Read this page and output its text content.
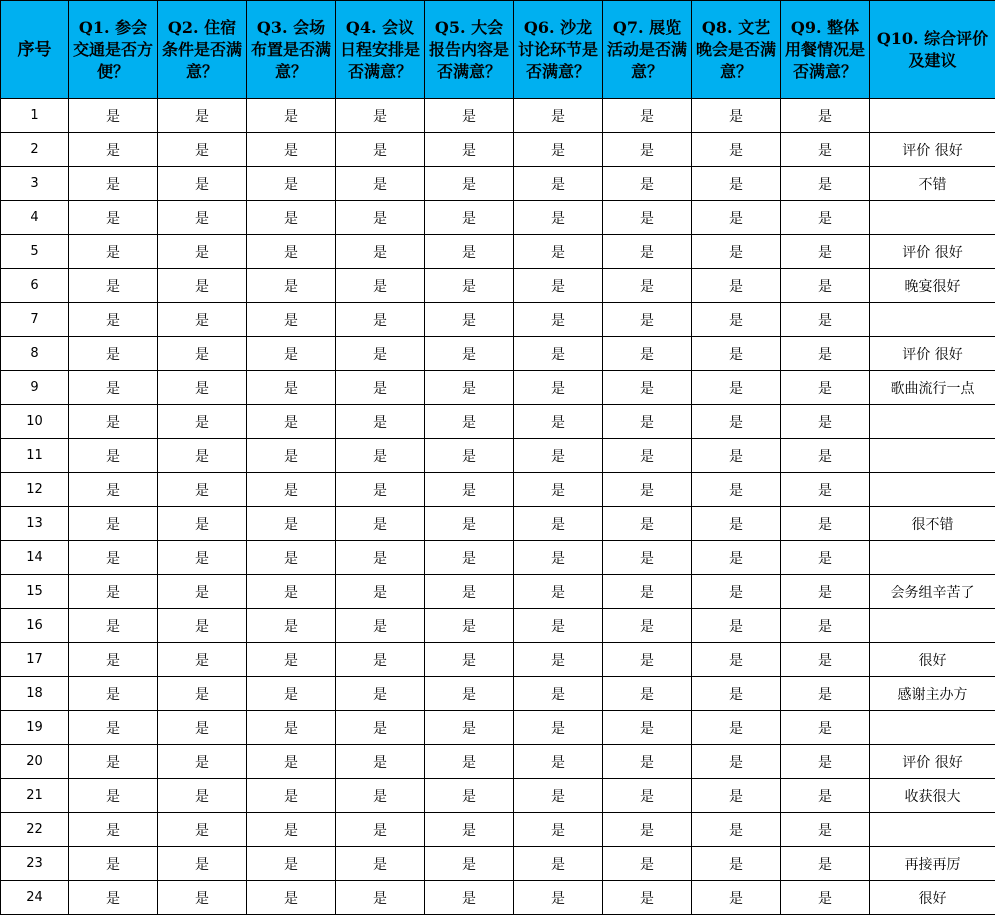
序号	Q1. 参会交通是否方便？	Q2. 住宿条件是否满意？	Q3. 会场布置是否满意？	Q4. 会议日程安排是否满意？	Q5. 大会报告内容是否满意？	Q6. 沙龙讨论环节是否满意？	Q7. 展览活动是否满意？	Q8. 文艺晚会是否满意？	Q9. 整体用餐情况是否满意？	Q10. 综合评价及建议
1	是	是	是	是	是	是	是	是	是	
2	是	是	是	是	是	是	是	是	是	评价 很好
3	是	是	是	是	是	是	是	是	是	不错
4	是	是	是	是	是	是	是	是	是	
5	是	是	是	是	是	是	是	是	是	评价 很好
6	是	是	是	是	是	是	是	是	是	晚宴很好
7	是	是	是	是	是	是	是	是	是	
8	是	是	是	是	是	是	是	是	是	评价 很好
9	是	是	是	是	是	是	是	是	是	歌曲流行一点
10	是	是	是	是	是	是	是	是	是	
11	是	是	是	是	是	是	是	是	是	
12	是	是	是	是	是	是	是	是	是	
13	是	是	是	是	是	是	是	是	是	很不错
14	是	是	是	是	是	是	是	是	是	
15	是	是	是	是	是	是	是	是	是	会务组辛苦了
16	是	是	是	是	是	是	是	是	是	
17	是	是	是	是	是	是	是	是	是	很好
18	是	是	是	是	是	是	是	是	是	感谢主办方
19	是	是	是	是	是	是	是	是	是	
20	是	是	是	是	是	是	是	是	是	评价 很好
21	是	是	是	是	是	是	是	是	是	收获很大
22	是	是	是	是	是	是	是	是	是	
23	是	是	是	是	是	是	是	是	是	再接再厉
24	是	是	是	是	是	是	是	是	是	很好
